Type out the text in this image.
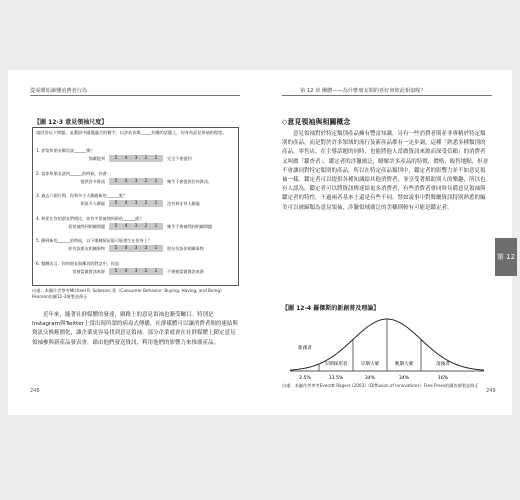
從零開始讀懂消費者行為
【圖 12-3 意見領袖尺度】
請回答以下問題，並選項中圈選適合的數字。以評估你與_____有關的話題上，你身為意見領袖的程度。
1. 你常和朋友鄰居談______嗎？
頻繁提到	5 4 3 2 1	完全不會提到
2. 當你和朋友談到______的時候，你會：
提供許多資訊	5 4 3 2 1	幾乎不會提供任何資訊。
3. 過去六個月間，你和多少人聊過新的______呢？
和很多人聊過	5 4 3 2 1	沒有和任何人聊過
4. 和你在你的朋友們相比，你有多常被問到新的______呢？
很常被問到相關問題	5 4 3 2 1	幾乎不會被問到相關問題
5. 聊到新的______的時候，以下哪種情況最可能發生在你身上？
你告訴朋友相關事物	5 4 3 2 1	朋友告訴你相關事物
6. 整體而言，你和朋友與鄰居的對話中，你是：
常被當做資訊來源	5 4 3 2 1	不會被當做資訊來源
出處：本圖作者參考Michael R. Solomon 著《Consumer Behavior: Buying, Having, and Being》Pearson的圖11-2繪製並修正
近年來，隨著社群媒體的發達，網路上的意見領袖也漸受矚目。特別是Instagram與Twitter上常出現所謂的病毒式傳播，社群媒體可以讓消費者間的連結與資訊交換範圍化，讓企業更容易找到意見領袖，部分企業就會在社群媒體上鎖定意見領袖參與新產品發表會，藉由他們發送資訊，利用他們的影響力來推廣產品。
248
第 12 章 團體——為什麼朋友間的喜好會彼此相似呢？
◇意見領袖與相關概念
意見領袖對於特定類別產品擁有豐富知識，另有一些消費者則並非專精於特定類別的產品，而是對於許多領域的流行及新產品都有一定步調，這種「熟悉多種類別的產品，零售店，在主導話題的同時，也能將他人當做資訊來源而深受信賴」的消費者又叫做「鑑查者」。鑑定者的涉獵廣泛，瞭解許多產品的特徵，價格，販售地點，但並不會讓同對特定類別的產品，所以在特定產品類別中，鑑定者的影響力並不如意見領袖一樣。鑑定者可以提供各種知識給其他消費者，並享受著幫助別人的樂趣，所以也有人認為，鑑定者可以將資訊傳達給更多消費者，有些消費者會同時具備意見領袖與鑑定者的特性，不過兩者基本上還是有些不同。譬如說事中對舞廳資訊特別熟悉的編美可以被歸類為意見領袖，涉獵領域廣泛的美穗則較有可能是鑑定者。
【圖 12-4 羅傑斯的新創普及理論】
新創者
早期採用者	早期大眾	晚期大眾	落後者
2.5%	13.5%	34%	34%	16%
出處：本圖作者參考Everett Rogers (2003)《Diffusion of Innovations》Free Press的圖表繪製並修正
249
第 12 章
